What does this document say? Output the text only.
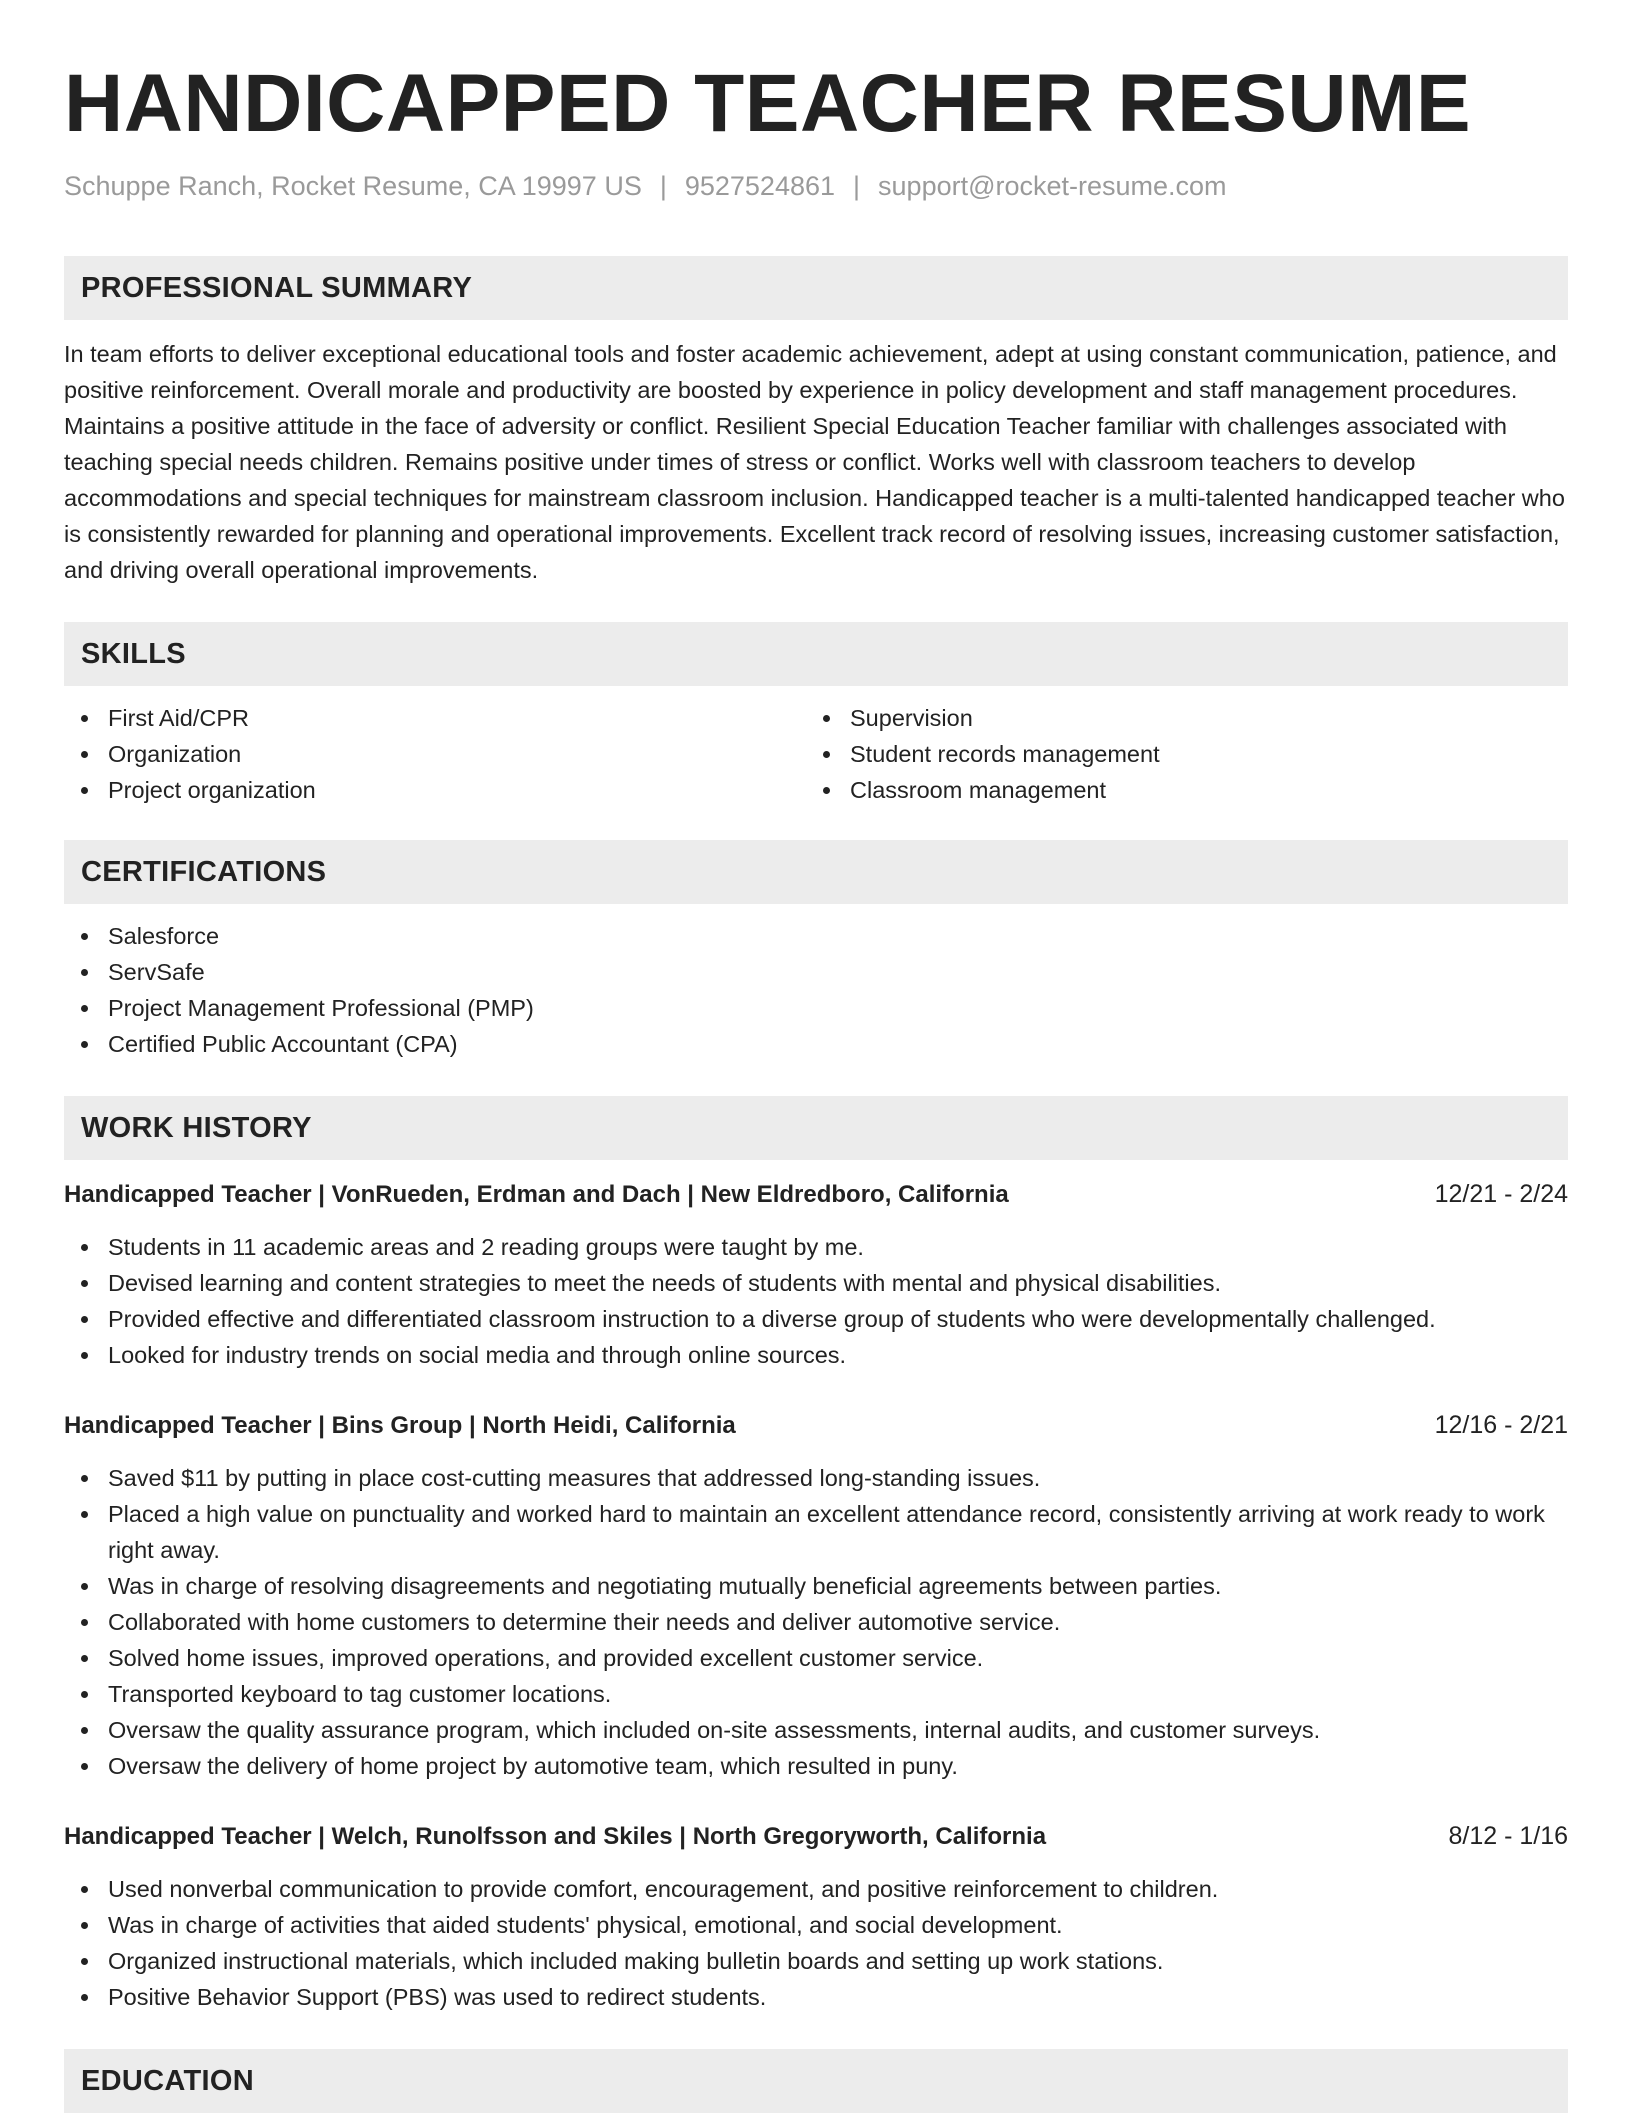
HANDICAPPED TEACHER RESUME
Schuppe Ranch, Rocket Resume, CA 19997 US | 9527524861 | support@rocket-resume.com
PROFESSIONAL SUMMARY

In team efforts to deliver exceptional educational tools and foster academic achievement, adept at using constant communication, patience, and positive reinforcement. Overall morale and productivity are boosted by experience in policy development and staff management procedures. Maintains a positive attitude in the face of adversity or conflict. Resilient Special Education Teacher familiar with challenges associated with teaching special needs children. Remains positive under times of stress or conflict. Works well with classroom teachers to develop accommodations and special techniques for mainstream classroom inclusion. Handicapped teacher is a multi-talented handicapped teacher who is consistently rewarded for planning and operational improvements. Excellent track record of resolving issues, increasing customer satisfaction, and driving overall operational improvements.

SKILLS
First Aid/CPR
Organization
Project organization
Supervision
Student records management
Classroom management
CERTIFICATIONS
Salesforce
ServSafe
Project Management Professional (PMP)
Certified Public Accountant (CPA)
WORK HISTORY
Handicapped Teacher | VonRueden, Erdman and Dach | New Eldredboro, California	12/21 - 2/24
Students in 11 academic areas and 2 reading groups were taught by me.
Devised learning and content strategies to meet the needs of students with mental and physical disabilities.
Provided effective and differentiated classroom instruction to a diverse group of students who were developmentally challenged.
Looked for industry trends on social media and through online sources.
Handicapped Teacher | Bins Group | North Heidi, California	12/16 - 2/21
Saved $11 by putting in place cost-cutting measures that addressed long-standing issues.
Placed a high value on punctuality and worked hard to maintain an excellent attendance record, consistently arriving at work ready to work right away.
Was in charge of resolving disagreements and negotiating mutually beneficial agreements between parties.
Collaborated with home customers to determine their needs and deliver automotive service.
Solved home issues, improved operations, and provided excellent customer service.
Transported keyboard to tag customer locations.
Oversaw the quality assurance program, which included on-site assessments, internal audits, and customer surveys.
Oversaw the delivery of home project by automotive team, which resulted in puny.
Handicapped Teacher | Welch, Runolfsson and Skiles | North Gregoryworth, California	8/12 - 1/16
Used nonverbal communication to provide comfort, encouragement, and positive reinforcement to children.
Was in charge of activities that aided students' physical, emotional, and social development.
Organized instructional materials, which included making bulletin boards and setting up work stations.
Positive Behavior Support (PBS) was used to redirect students.
EDUCATION
